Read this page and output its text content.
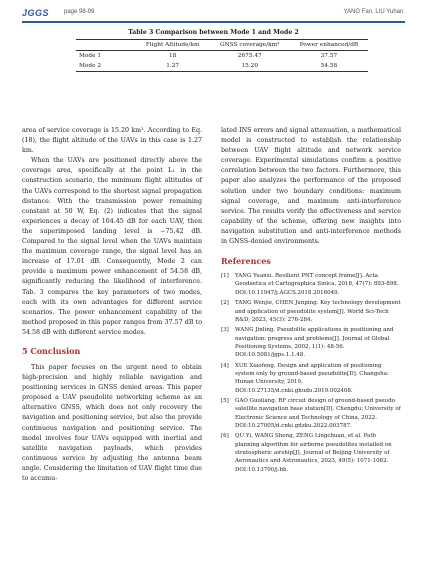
JGGS page 98-99	YANG Fan, LIU Yuhan.
Table 3 Comparison between Mode 1 and Mode 2
	Flight Altitude/km	GNSS coverage/km²	Power enhanced/dB
Mode 1	18	2675.47	37.57
Mode 2	1.27	15.20	54.58

area of service coverage is 15.20 km². According to Eq. (18), the flight altitude of the UAVs in this case is 1.27 km.

When the UAVs are positioned directly above the coverage area, specifically at the point L₁ in the construction scenario, the minimum flight altitudes of the UAVs correspond to the shortest signal propagation distance. With the transmission power remaining constant at 50 W, Eq. (2) indicates that the signal experiences a decay of 104.45 dB for each UAV, then the superimposed landing level is −75.42 dB. Compared to the signal level when the UAVs maintain the maximum coverage range, the signal level has an increase of 17.01 dB. Consequently, Mode 2 can provide a maximum power enhancement of 54.58 dB, significantly reducing the likelihood of interference. Tab. 3 compares the key parameters of two modes, each with its own advantages for different service scenarios. The power enhancement capability of the method proposed in this paper ranges from 37.57 dB to 54.58 dB with different service modes.

5 Conclusion

This paper focuses on the urgent need to obtain high-precision and highly reliable navigation and positioning services in GNSS denied areas. This paper proposed a UAV pseudolite networking scheme as an alternative GNSS, which does not only recovery the navigation and positioning service, but also the provide continuous navigation and positioning service. The model involves four UAVs equipped with inertial and satellite navigation payloads, which provides continuous service by adjusting the antenna beam angle. Considering the limitation of UAV flight time due to accumu-

lated INS errors and signal attenuation, a mathematical model is constructed to establish the relationship between UAV flight altitude and network service coverage. Experimental simulations confirm a positive correlation between the two factors. Furthermore, this paper also analyzes the performance of the proposed solution under two boundary conditions: maximum signal coverage, and maximum anti-interference service. The results verify the effectiveness and service capability of the scheme, offering new insights into navigation substitution and anti-interference methods in GNSS-denied environments.

References

[1]	YANG Yuanxi. Resilient PNT concept frame[J]. Acta Geodaetica et Cartographica Sinica, 2018, 47(7): 893-898. DOI:10.11947/j.AGCS.2018.2016049.
[2]	TANG Wenjie, CHEN Junping. Key technology development and application of pseudolite system[J]. World Sci-Tech R&D, 2023, 45(3): 276-284.
[3]	WANG Jinling. Pseudolite applications in positioning and navigation: progress and problems[J]. Journal of Global Positioning Systems, 2002, 1(1): 48-56. DOI:10.5081/jgps.1.1.48.
[4]	XUE Xiaofeng. Design and application of positioning system only by ground-based pseudolite[D]. Changsha: Hunan University, 2019. DOI:10.27135/d.cnki.ghudu.2019.002408.
[5]	GAO Guoliang. RF circuit design of ground-based pseudo satellite navigation base station[D]. Chengdu: University of Electronic Science and Technology of China, 2022. DOI:10.27005/d.cnki.gdzku.2022.003787.
[6]	QU Yi, WANG Sheng, ZENG Lingchuan, et al. Path planning algorithm for airborne pseudolites installed on stratospheric airship[J]. Journal of Beijing University of Aeronautics and Astronautics, 2023, 49(5): 1071-1082. DOI:10.13700/j.bh.
